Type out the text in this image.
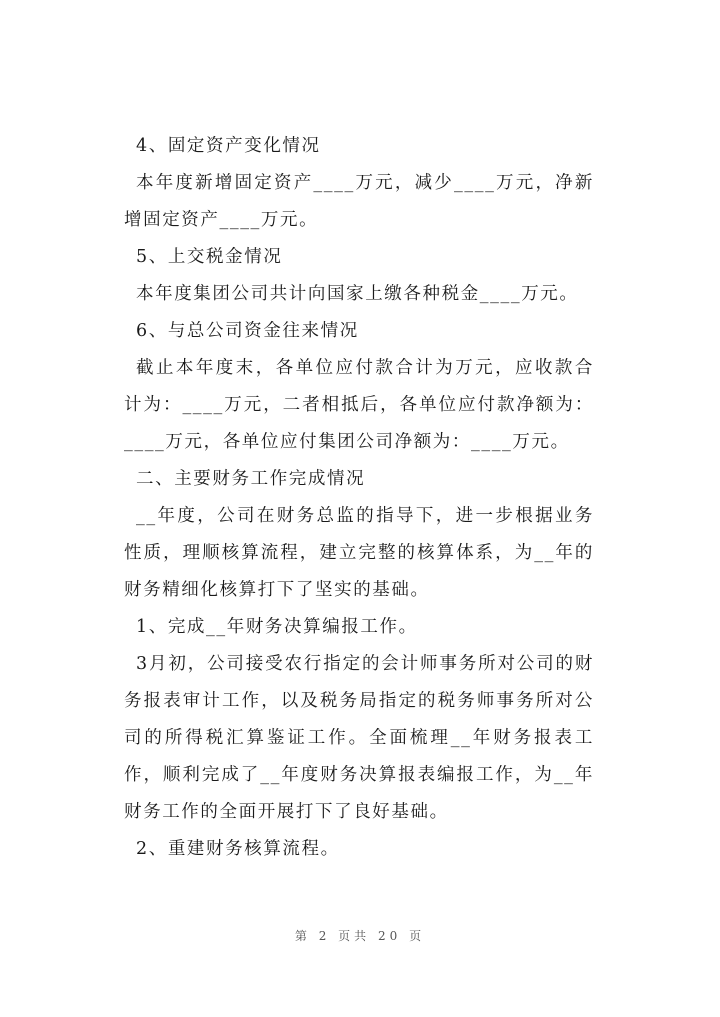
4、固定资产变化情况

本年度新增固定资产____万元，减少____万元，净新增固定资产____万元。

5、上交税金情况

本年度集团公司共计向国家上缴各种税金____万元。

6、与总公司资金往来情况

截止本年度末，各单位应付款合计为万元，应收款合计为：____万元，二者相抵后，各单位应付款净额为：____万元，各单位应付集团公司净额为：____万元。

二、主要财务工作完成情况

__年度，公司在财务总监的指导下，进一步根据业务性质，理顺核算流程，建立完整的核算体系，为__年的财务精细化核算打下了坚实的基础。

1、完成__年财务决算编报工作。

3月初，公司接受农行指定的会计师事务所对公司的财务报表审计工作，以及税务局指定的税务师事务所对公司的所得税汇算鉴证工作。全面梳理__年财务报表工作，顺利完成了__年度财务决算报表编报工作，为__年财务工作的全面开展打下了良好基础。

2、重建财务核算流程。

第 2 页共 20 页
